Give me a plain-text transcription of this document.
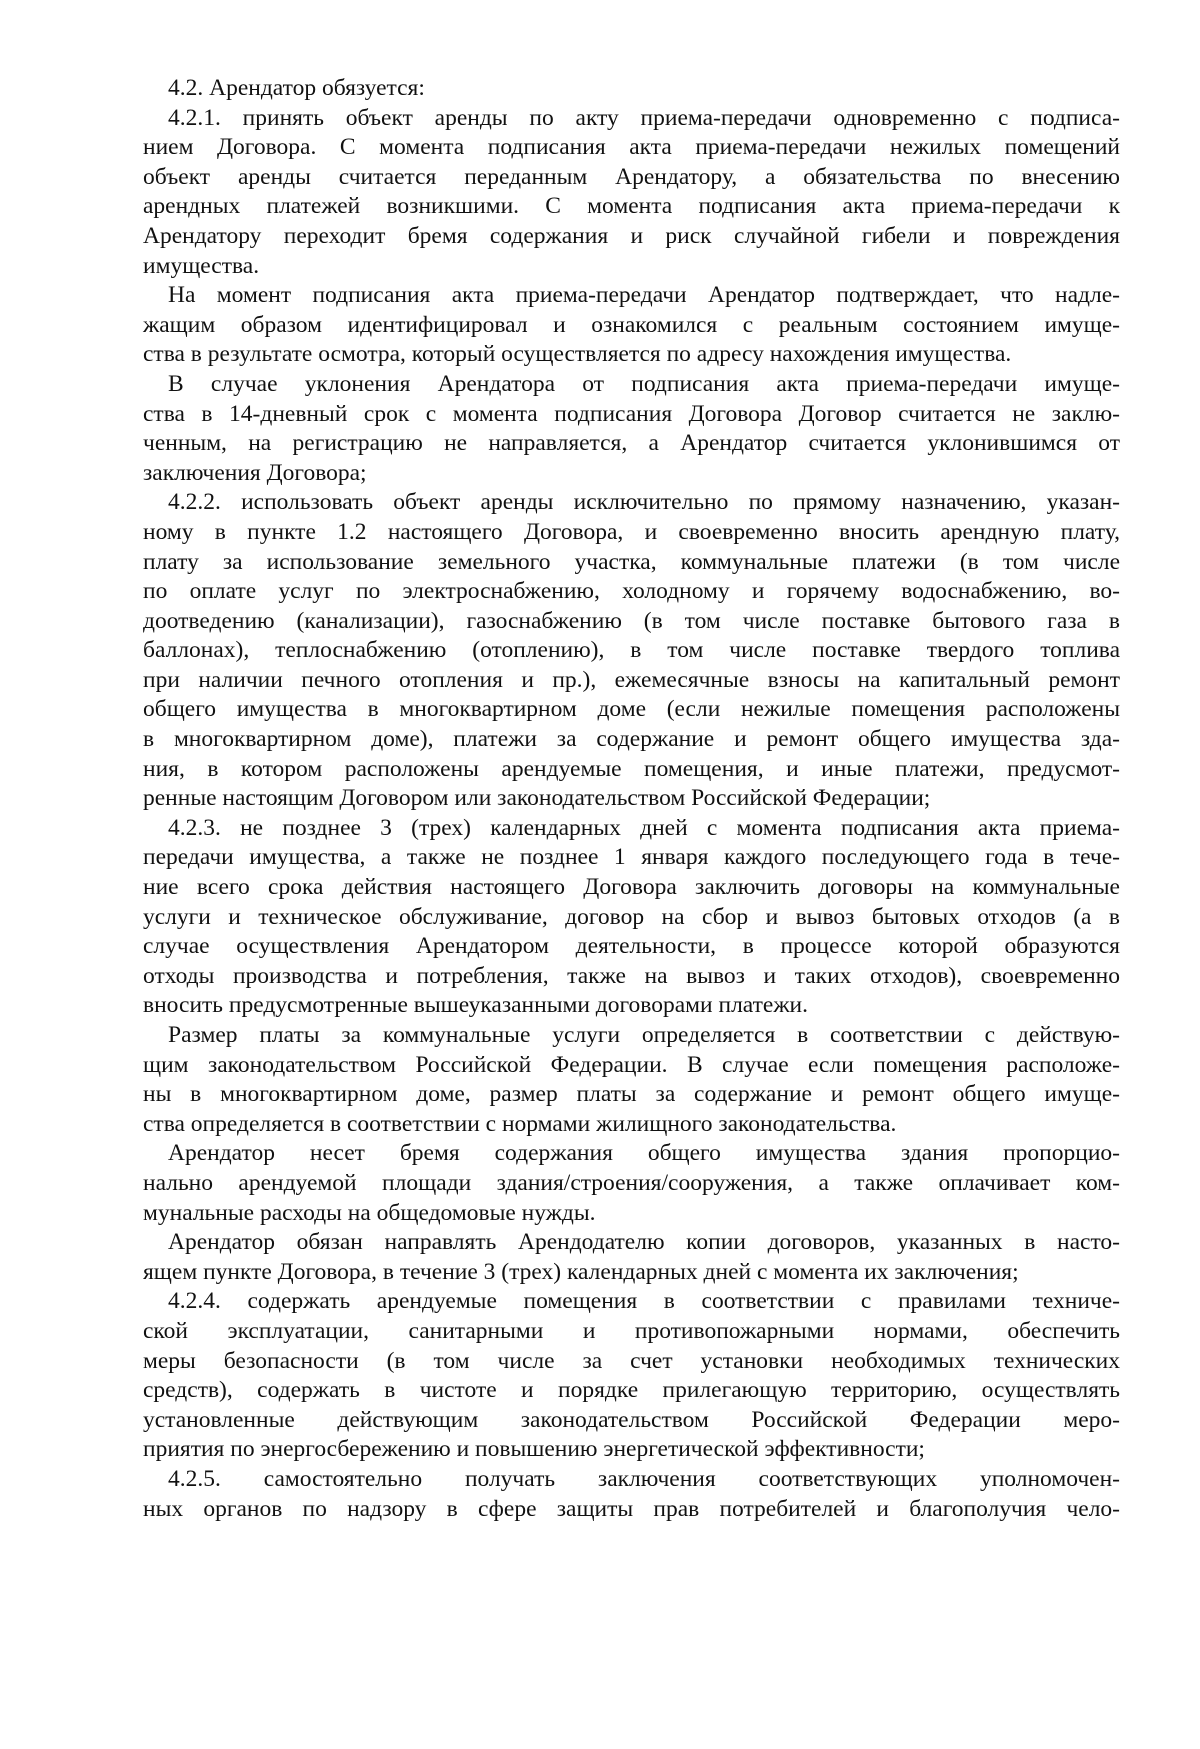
4.2. Арендатор обязуется:
4.2.1. принять объект аренды по акту приема-передачи одновременно с подписа-
нием Договора. С момента подписания акта приема-передачи нежилых помещений
объект аренды считается переданным Арендатору, а обязательства по внесению
арендных платежей возникшими. С момента подписания акта приема-передачи к
Арендатору переходит бремя содержания и риск случайной гибели и повреждения
имущества.
На момент подписания акта приема-передачи Арендатор подтверждает, что надле-
жащим образом идентифицировал и ознакомился с реальным состоянием имуще-
ства в результате осмотра, который осуществляется по адресу нахождения имущества.
В случае уклонения Арендатора от подписания акта приема-передачи имуще-
ства в 14-дневный срок с момента подписания Договора Договор считается не заклю-
ченным, на регистрацию не направляется, а Арендатор считается уклонившимся от
заключения Договора;
4.2.2. использовать объект аренды исключительно по прямому назначению, указан-
ному в пункте 1.2 настоящего Договора, и своевременно вносить арендную плату,
плату за использование земельного участка, коммунальные платежи (в том числе
по оплате услуг по электроснабжению, холодному и горячему водоснабжению, во-
доотведению (канализации), газоснабжению (в том числе поставке бытового газа в
баллонах), теплоснабжению (отоплению), в том числе поставке твердого топлива
при наличии печного отопления и пр.), ежемесячные взносы на капитальный ремонт
общего имущества в многоквартирном доме (если нежилые помещения расположены
в многоквартирном доме), платежи за содержание и ремонт общего имущества зда-
ния, в котором расположены арендуемые помещения, и иные платежи, предусмот-
ренные настоящим Договором или законодательством Российской Федерации;
4.2.3. не позднее 3 (трех) календарных дней с момента подписания акта приема-
передачи имущества, а также не позднее 1 января каждого последующего года в тече-
ние всего срока действия настоящего Договора заключить договоры на коммунальные
услуги и техническое обслуживание, договор на сбор и вывоз бытовых отходов (а в
случае осуществления Арендатором деятельности, в процессе которой образуются
отходы производства и потребления, также на вывоз и таких отходов), своевременно
вносить предусмотренные вышеуказанными договорами платежи.
Размер платы за коммунальные услуги определяется в соответствии с действую-
щим законодательством Российской Федерации. В случае если помещения расположе-
ны в многоквартирном доме, размер платы за содержание и ремонт общего имуще-
ства определяется в соответствии с нормами жилищного законодательства.
Арендатор несет бремя содержания общего имущества здания пропорцио-
нально арендуемой площади здания/строения/сооружения, а также оплачивает ком-
мунальные расходы на общедомовые нужды.
Арендатор обязан направлять Арендодателю копии договоров, указанных в насто-
ящем пункте Договора, в течение 3 (трех) календарных дней с момента их заключения;
4.2.4. содержать арендуемые помещения в соответствии с правилами техниче-
ской эксплуатации, санитарными и противопожарными нормами, обеспечить
меры безопасности (в том числе за счет установки необходимых технических
средств), содержать в чистоте и порядке прилегающую территорию, осуществлять
установленные действующим законодательством Российской Федерации меро-
приятия по энергосбережению и повышению энергетической эффективности;
4.2.5. самостоятельно получать заключения соответствующих уполномочен-
ных органов по надзору в сфере защиты прав потребителей и благополучия чело-
